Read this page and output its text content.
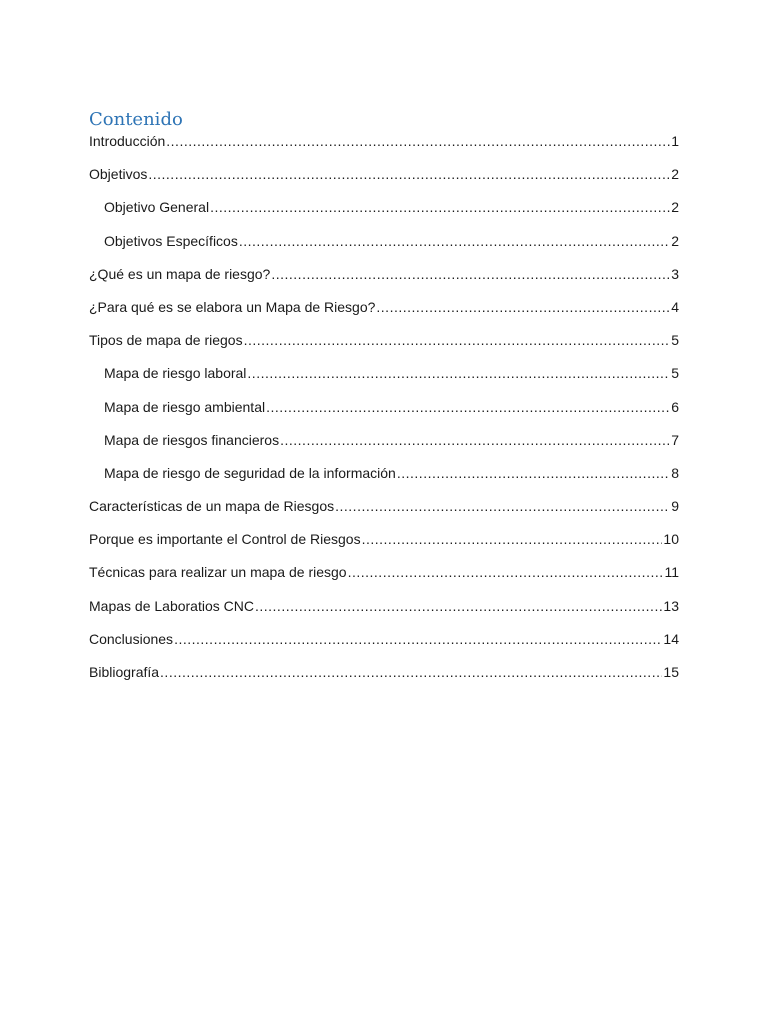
Contenido
Introducción .....	1
Objetivos .....	2
Objetivo General .....	2
Objetivos Específicos .....	2
¿Qué es un mapa de riesgo? .....	3
¿Para qué es se elabora un Mapa de Riesgo? .....	4
Tipos de mapa de riegos .....	5
Mapa de riesgo laboral .....	5
Mapa de riesgo ambiental .....	6
Mapa de riesgos financieros .....	7
Mapa de riesgo de seguridad de la información .....	8
Características de un mapa de Riesgos .....	9
Porque es importante el Control de Riesgos .....	10
Técnicas para realizar un mapa de riesgo .....	11
Mapas de Laboratios CNC .....	13
Conclusiones .....	14
Bibliografía .....	15
